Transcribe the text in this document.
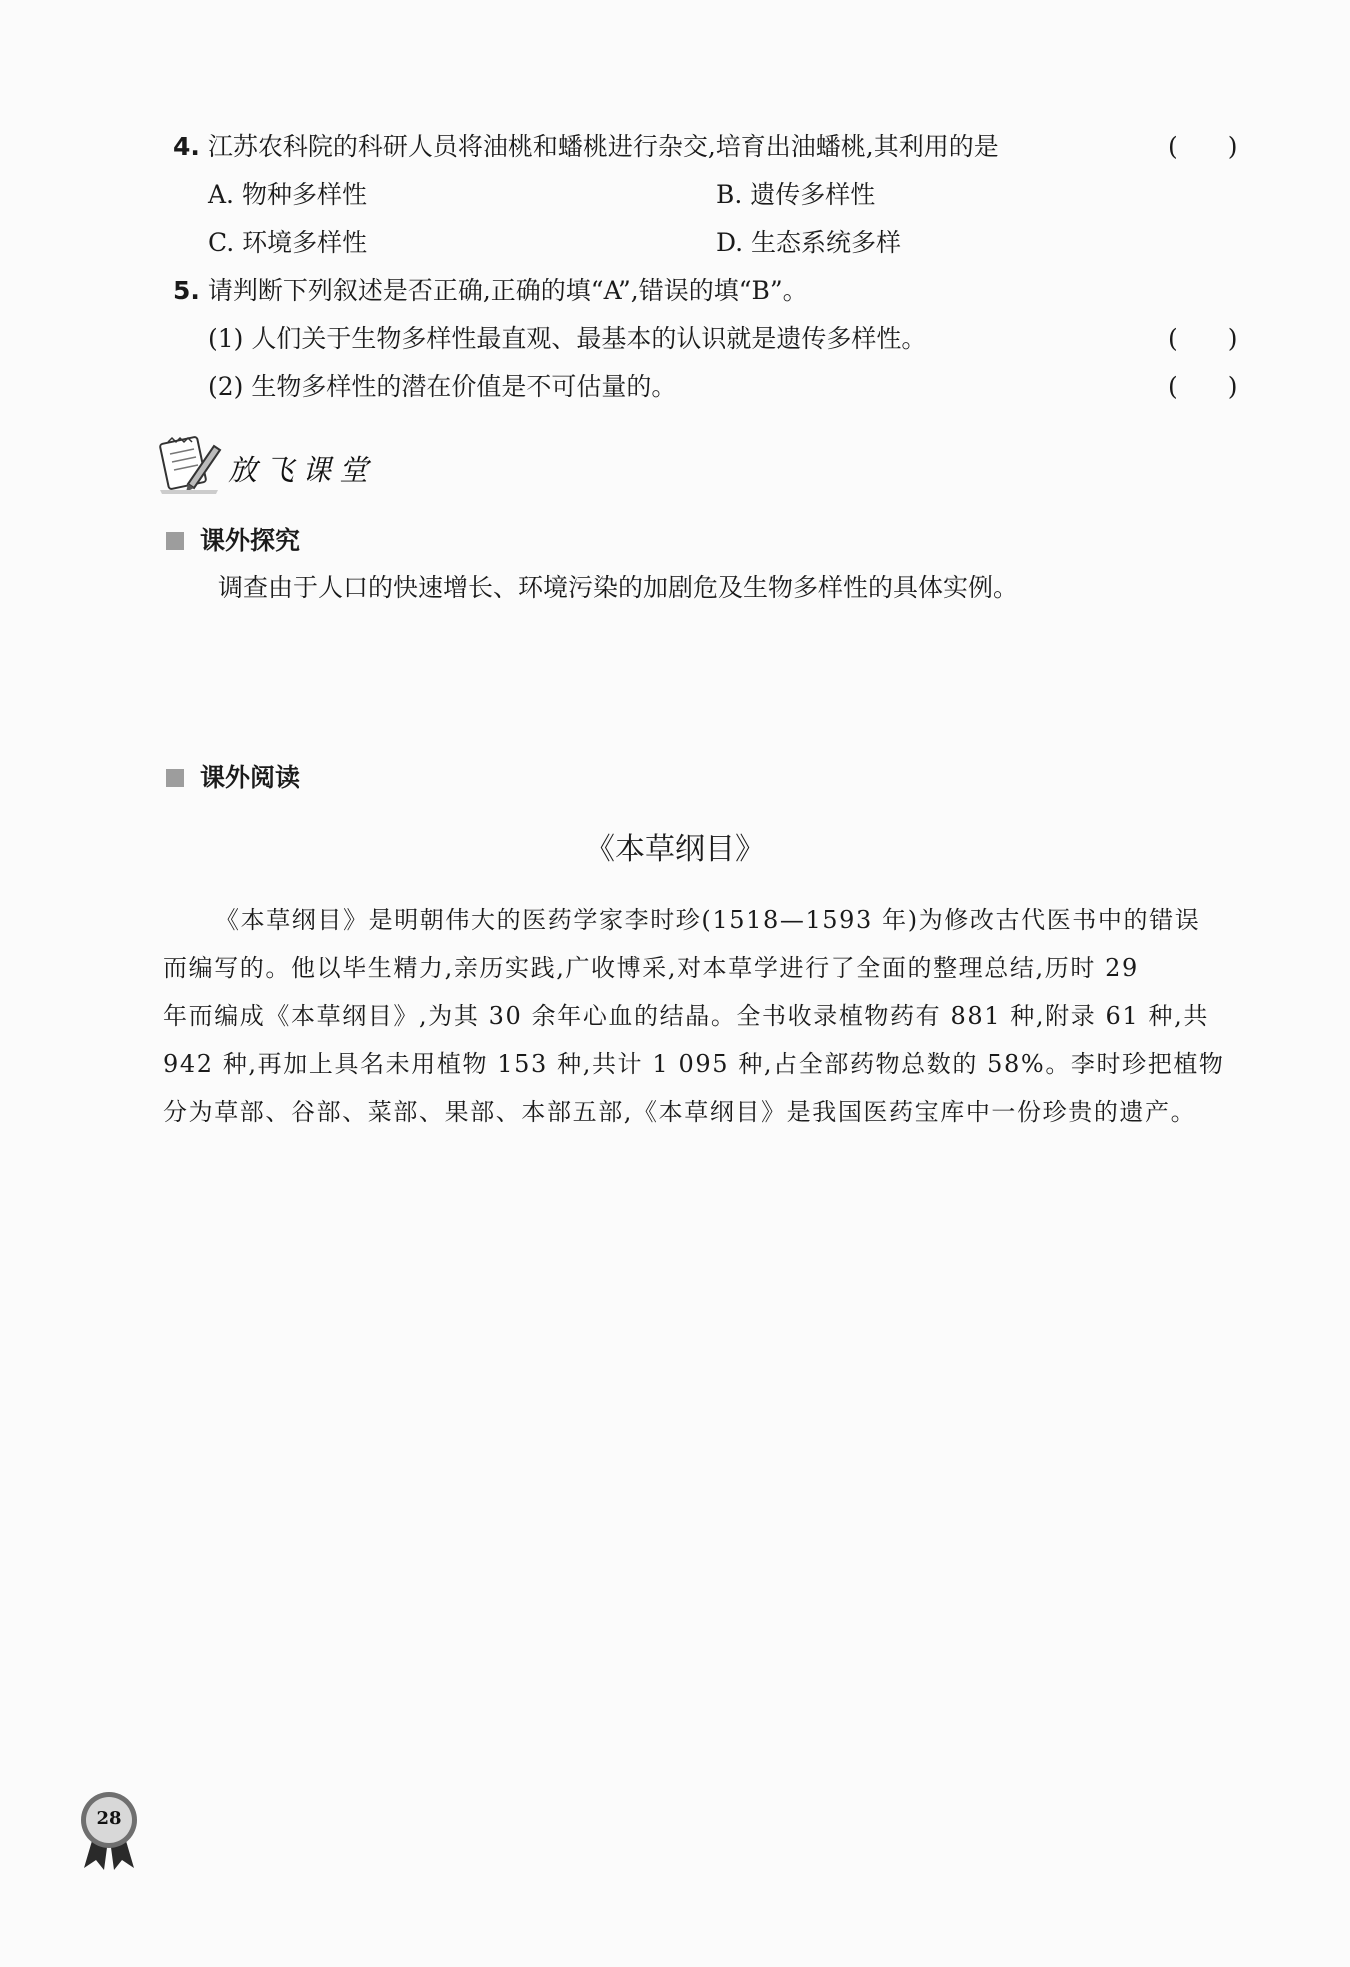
4. 江苏农科院的科研人员将油桃和蟠桃进行杂交,培育出油蟠桃,其利用的是	(　　)
A. 物种多样性	B. 遗传多样性
C. 环境多样性	D. 生态系统多样
5. 请判断下列叙述是否正确,正确的填“A”,错误的填“B”。
(1) 人们关于生物多样性最直观、最基本的认识就是遗传多样性。	(　　)
(2) 生物多样性的潜在价值是不可估量的。	(　　)
放飞课堂
课外探究
调查由于人口的快速增长、环境污染的加剧危及生物多样性的具体实例。
课外阅读
《本草纲目》

《本草纲目》是明朝伟大的医药学家李时珍(1518—1593 年)为修改古代医书中的错误

而编写的。他以毕生精力,亲历实践,广收博采,对本草学进行了全面的整理总结,历时 29

年而编成《本草纲目》,为其 30 余年心血的结晶。全书收录植物药有 881 种,附录 61 种,共

942 种,再加上具名未用植物 153 种,共计 1 095 种,占全部药物总数的 58%。李时珍把植物

分为草部、谷部、菜部、果部、本部五部,《本草纲目》是我国医药宝库中一份珍贵的遗产。

28
